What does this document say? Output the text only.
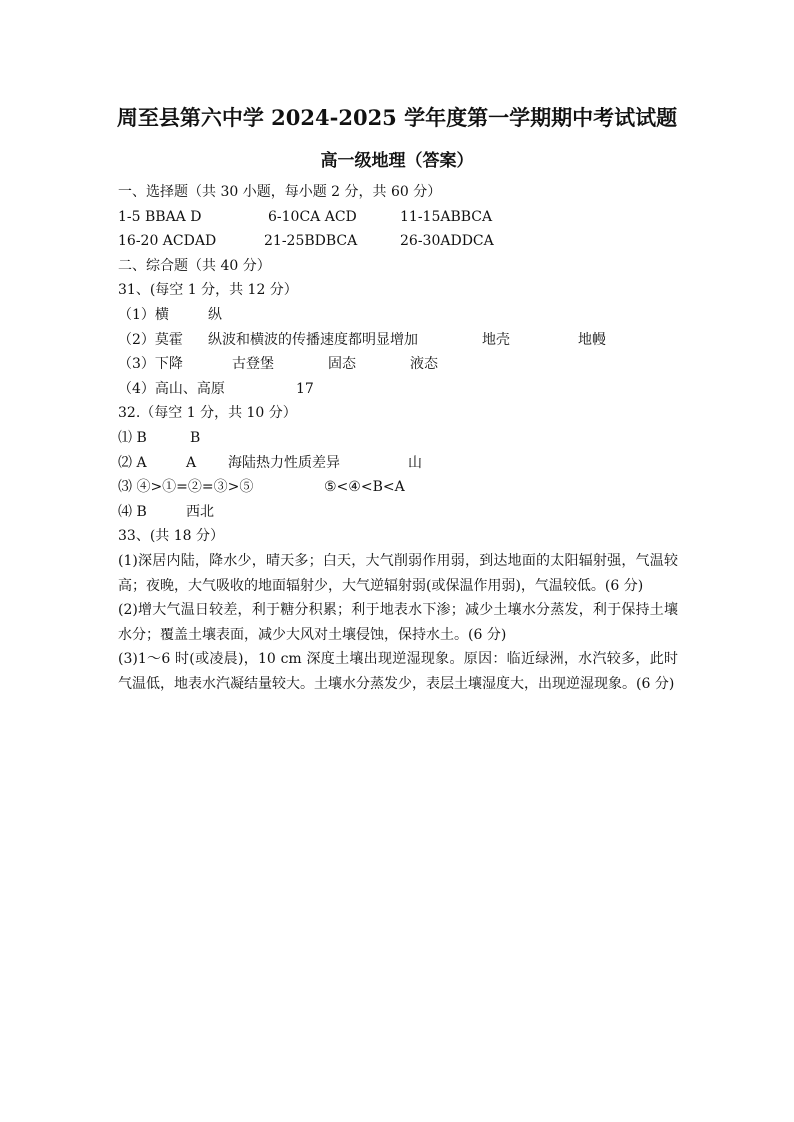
周至县第六中学 2024-2025 学年度第一学期期中考试试题
高一级地理（答案）
一、选择题（共 30 小题，每小题 2 分，共 60 分）
1-5 BBAA D	6-10CA ACD	11-15ABBCA
16-20 ACDAD	21-25BDBCA	26-30ADDCA
二、综合题（共 40 分）
31、(每空 1 分，共 12 分）
（1）横	纵
（2）莫霍 纵波和横波的传播速度都明显增加	地壳	地幔
（3）下降	古登堡	固态	液态
（4）高山、高原	17
32.（每空 1 分，共 10 分）
⑴ B	B
⑵ A	A 海陆热力性质差异	山
⑶ ④>①=②=③>⑤	⑤<④<B<A
⑷ B	西北
33、(共 18 分）
(1)深居内陆，降水少，晴天多；白天，大气削弱作用弱，到达地面的太阳辐射强，气温较高；夜晚，大气吸收的地面辐射少，大气逆辐射弱(或保温作用弱)，气温较低。(6 分)
(2)增大气温日较差，利于糖分积累；利于地表水下渗；减少土壤水分蒸发，利于保持土壤水分；覆盖土壤表面，减少大风对土壤侵蚀，保持水土。(6 分)
(3)1～6 时(或凌晨)，10 cm 深度土壤出现逆湿现象。原因：临近绿洲，水汽较多，此时气温低，地表水汽凝结量较大。土壤水分蒸发少，表层土壤湿度大，出现逆湿现象。(6 分)
